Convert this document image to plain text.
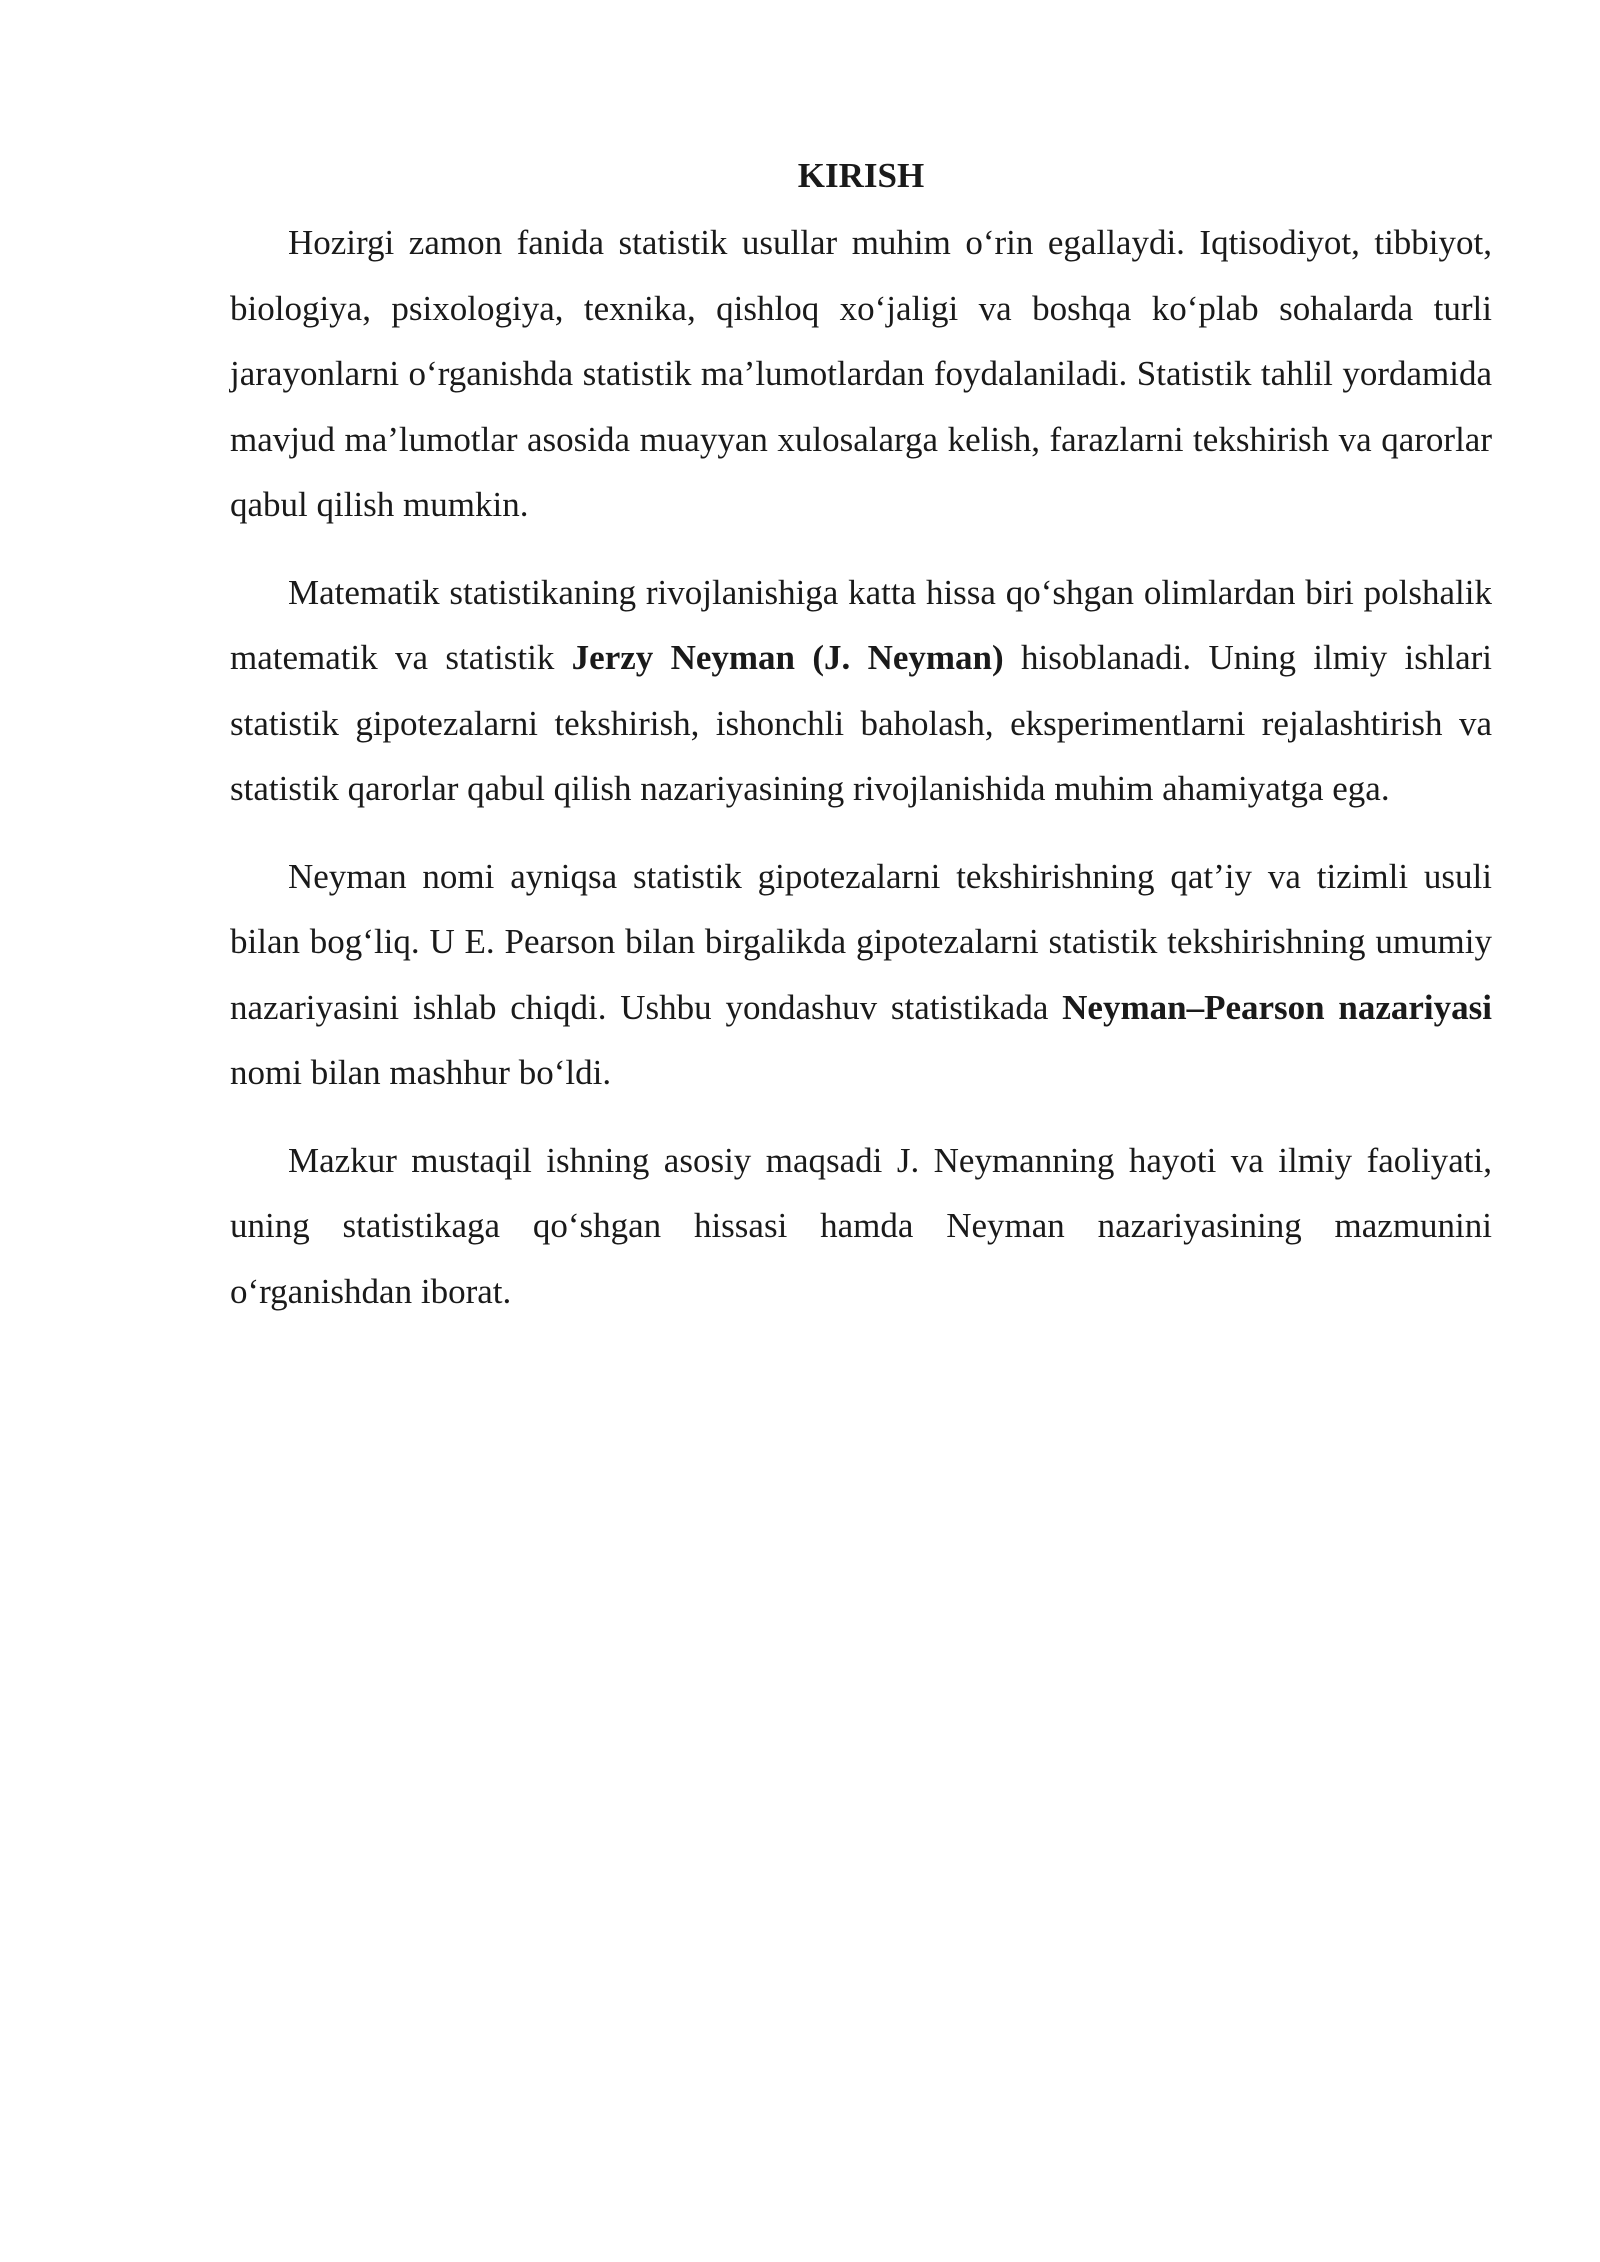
KIRISH

Hozirgi zamon fanida statistik usullar muhim o‘rin egallaydi. Iqtisodiyot, tibbiyot, biologiya, psixologiya, texnika, qishloq xo‘jaligi va boshqa ko‘plab sohalarda turli jarayonlarni o‘rganishda statistik ma’lumotlardan foydalaniladi. Statistik tahlil yordamida mavjud ma’lumotlar asosida muayyan xulosalarga kelish, farazlarni tekshirish va qarorlar qabul qilish mumkin.

Matematik statistikaning rivojlanishiga katta hissa qo‘shgan olimlardan biri polshalik matematik va statistik Jerzy Neyman (J. Neyman) hisoblanadi. Uning ilmiy ishlari statistik gipotezalarni tekshirish, ishonchli baholash, eksperimentlarni rejalashtirish va statistik qarorlar qabul qilish nazariyasining rivojlanishida muhim ahamiyatga ega.

Neyman nomi ayniqsa statistik gipotezalarni tekshirishning qat’iy va tizimli usuli bilan bog‘liq. U E. Pearson bilan birgalikda gipotezalarni statistik tekshirishning umumiy nazariyasini ishlab chiqdi. Ushbu yondashuv statistikada Neyman–Pearson nazariyasi nomi bilan mashhur bo‘ldi.

Mazkur mustaqil ishning asosiy maqsadi J. Neymanning hayoti va ilmiy faoliyati, uning statistikaga qo‘shgan hissasi hamda Neyman nazariyasining mazmunini o‘rganishdan iborat.
